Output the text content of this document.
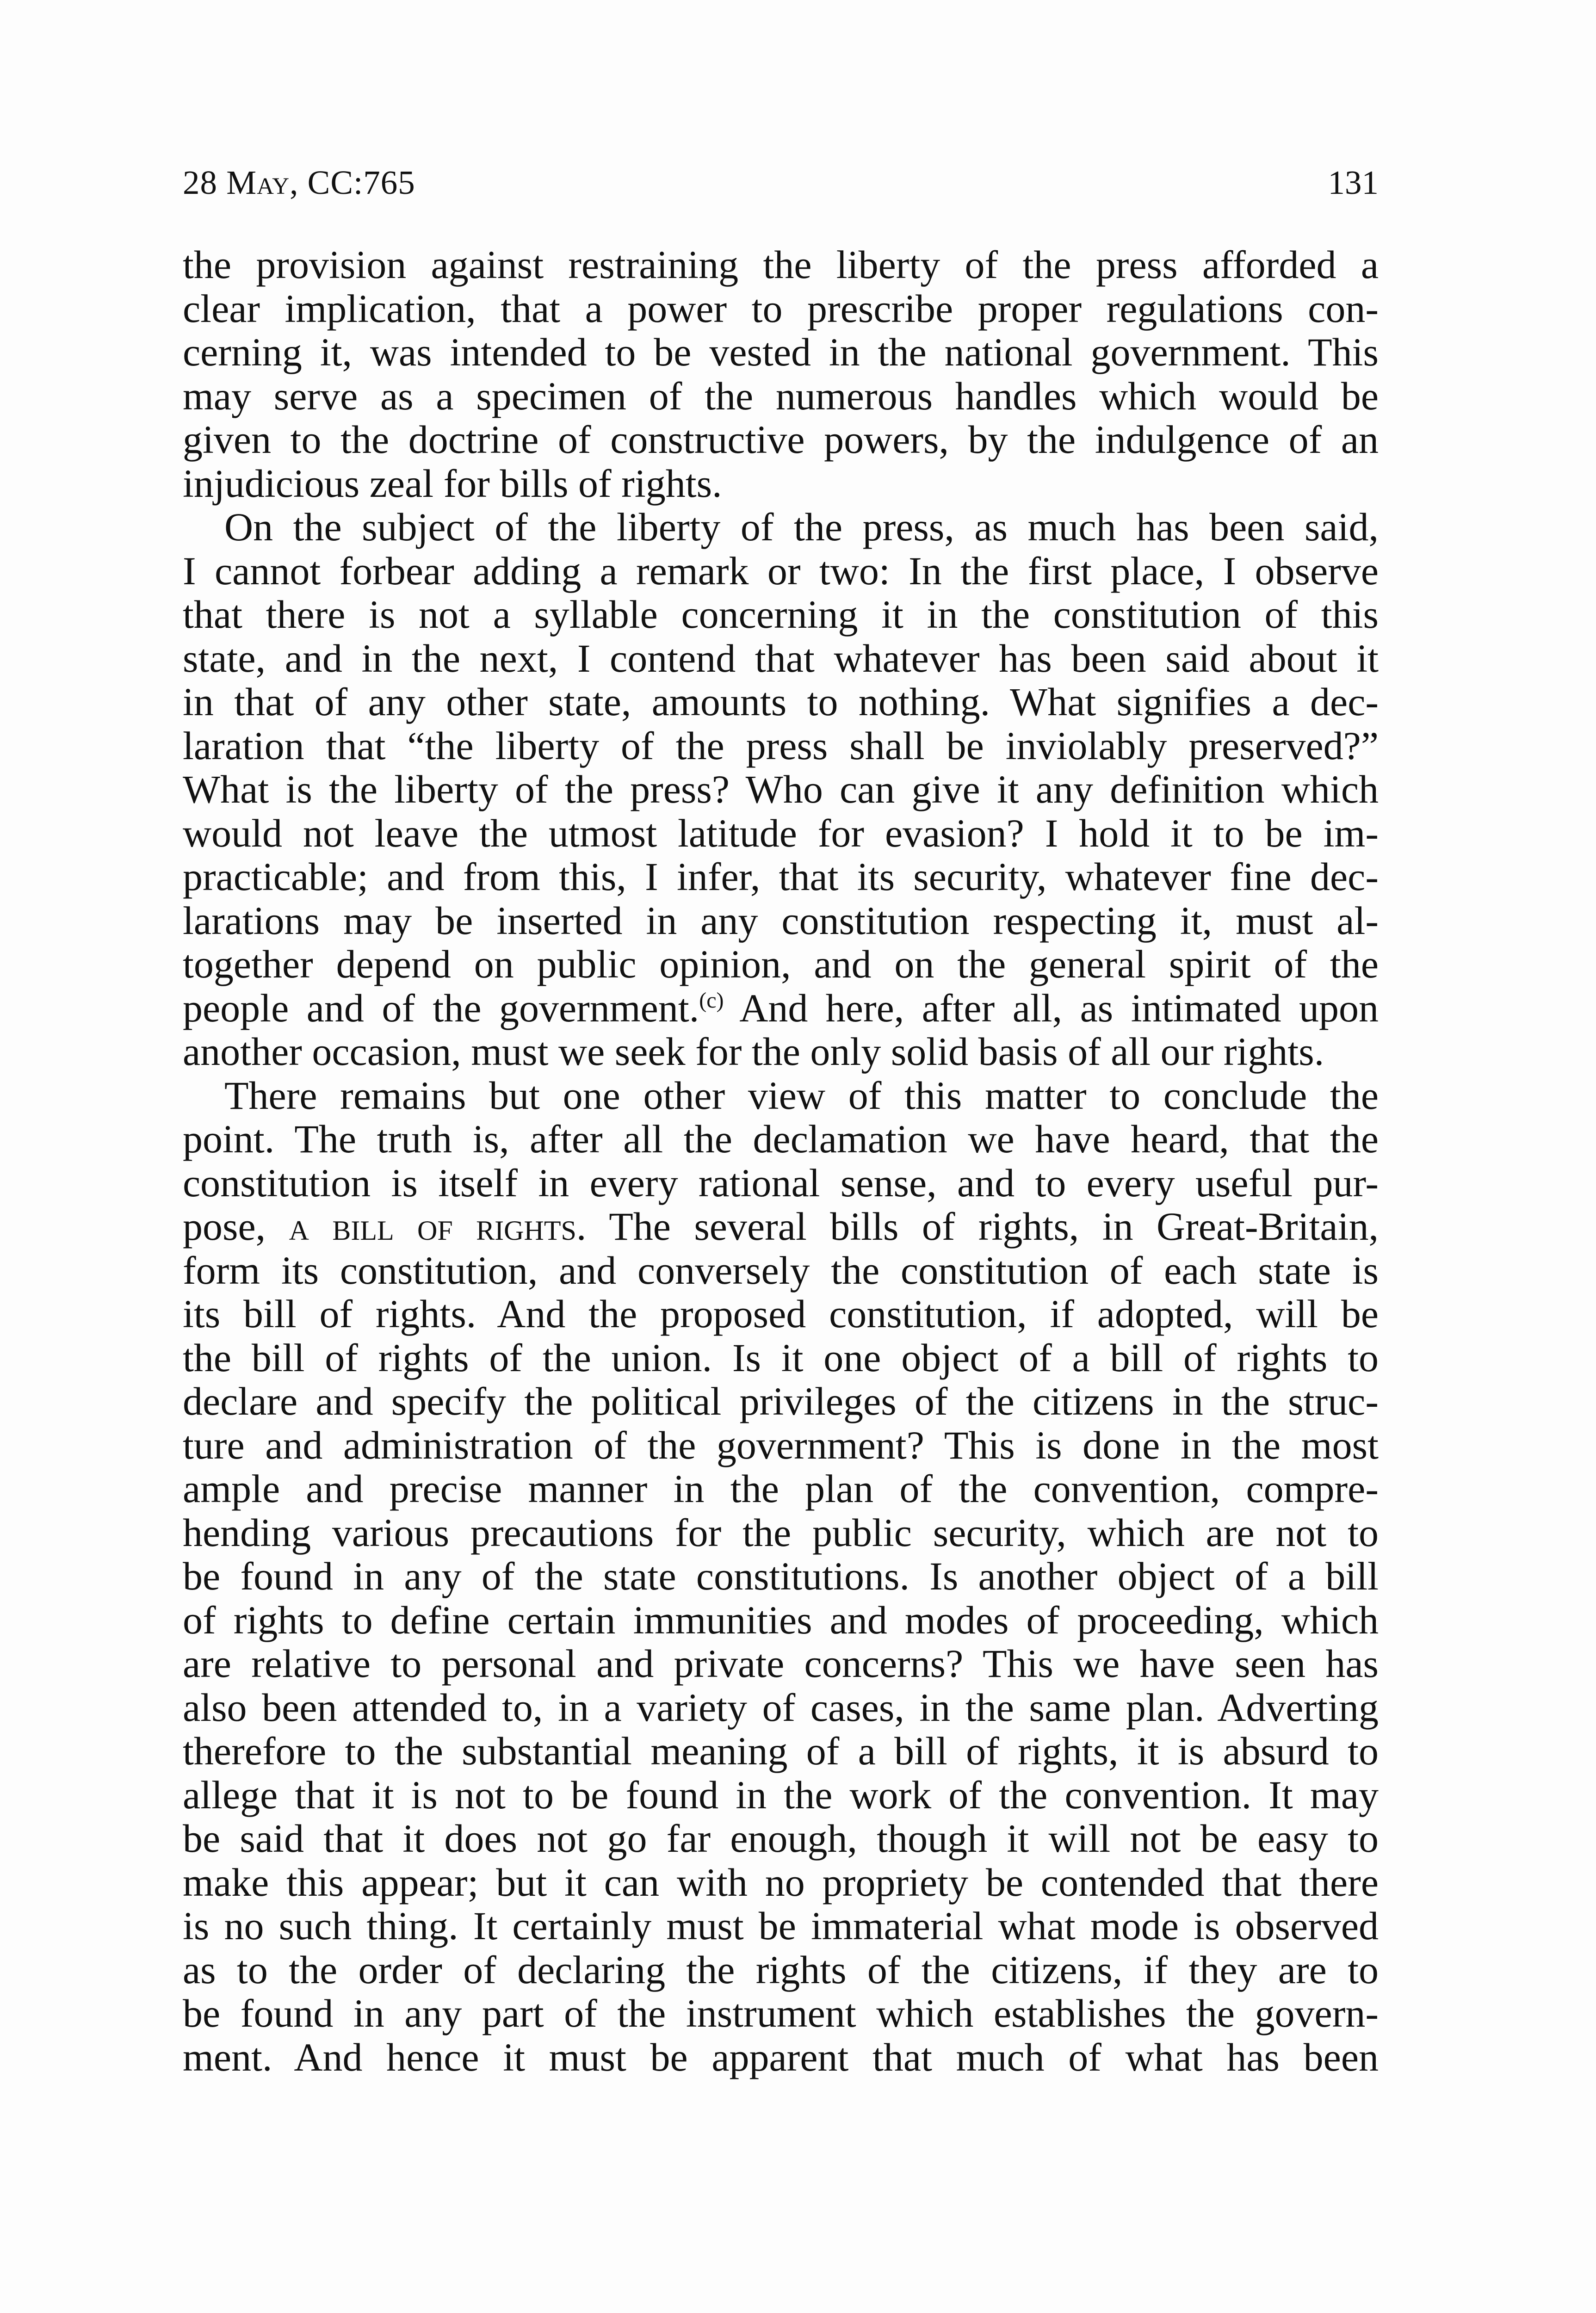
28 May, CC:765	131
the provision against restraining the liberty of the press afforded a
clear implication, that a power to prescribe proper regulations con-
cerning it, was intended to be vested in the national government. This
may serve as a specimen of the numerous handles which would be
given to the doctrine of constructive powers, by the indulgence of an
injudicious zeal for bills of rights.
On the subject of the liberty of the press, as much has been said,
I cannot forbear adding a remark or two: In the first place, I observe
that there is not a syllable concerning it in the constitution of this
state, and in the next, I contend that whatever has been said about it
in that of any other state, amounts to nothing. What signifies a dec-
laration that “the liberty of the press shall be inviolably preserved?”
What is the liberty of the press? Who can give it any definition which
would not leave the utmost latitude for evasion? I hold it to be im-
practicable; and from this, I infer, that its security, whatever fine dec-
larations may be inserted in any constitution respecting it, must al-
together depend on public opinion, and on the general spirit of the
people and of the government.$^{(c)}$ And here, after all, as intimated upon
another occasion, must we seek for the only solid basis of all our rights.
There remains but one other view of this matter to conclude the
point. The truth is, after all the declamation we have heard, that the
constitution is itself in every rational sense, and to every useful pur-
pose, a bill of rights. The several bills of rights, in Great-Britain,
form its constitution, and conversely the constitution of each state is
its bill of rights. And the proposed constitution, if adopted, will be
the bill of rights of the union. Is it one object of a bill of rights to
declare and specify the political privileges of the citizens in the struc-
ture and administration of the government? This is done in the most
ample and precise manner in the plan of the convention, compre-
hending various precautions for the public security, which are not to
be found in any of the state constitutions. Is another object of a bill
of rights to define certain immunities and modes of proceeding, which
are relative to personal and private concerns? This we have seen has
also been attended to, in a variety of cases, in the same plan. Adverting
therefore to the substantial meaning of a bill of rights, it is absurd to
allege that it is not to be found in the work of the convention. It may
be said that it does not go far enough, though it will not be easy to
make this appear; but it can with no propriety be contended that there
is no such thing. It certainly must be immaterial what mode is observed
as to the order of declaring the rights of the citizens, if they are to
be found in any part of the instrument which establishes the govern-
ment. And hence it must be apparent that much of what has been
